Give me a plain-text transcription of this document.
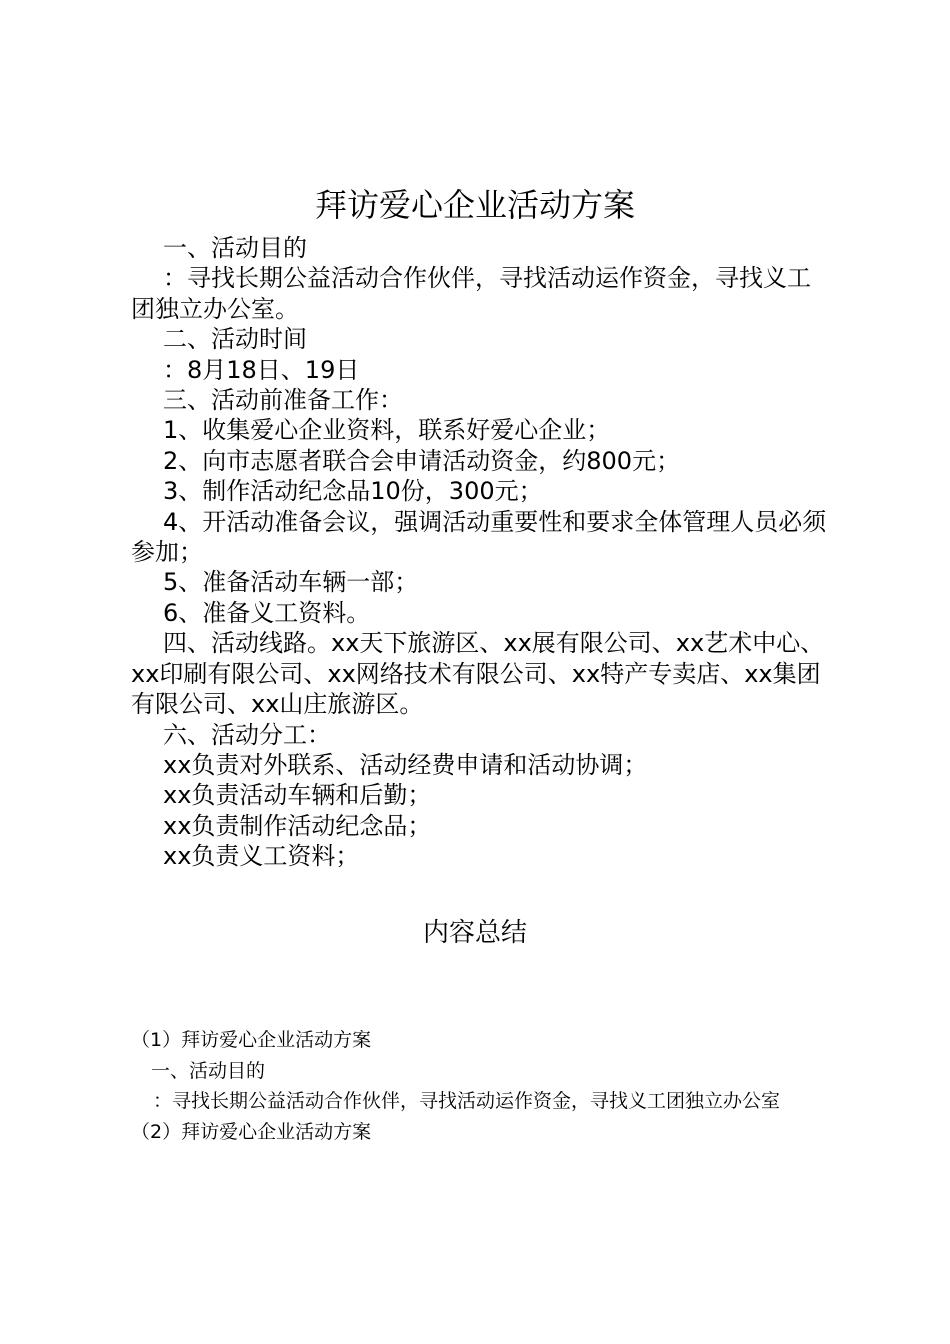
拜访爱心企业活动方案

一、活动目的

：寻找长期公益活动合作伙伴，寻找活动运作资金，寻找义工团独立办公室。

二、活动时间

：8月18日、19日

三、活动前准备工作：

1、收集爱心企业资料，联系好爱心企业；

2、向市志愿者联合会申请活动资金，约800元；

3、制作活动纪念品10份，300元；

4、开活动准备会议，强调活动重要性和要求全体管理人员必须参加；

5、准备活动车辆一部；

6、准备义工资料。

四、活动线路。xx天下旅游区、xx展有限公司、xx艺术中心、xx印刷有限公司、xx网络技术有限公司、xx特产专卖店、xx集团有限公司、xx山庄旅游区。

六、活动分工：

xx负责对外联系、活动经费申请和活动协调；

xx负责活动车辆和后勤；

xx负责制作活动纪念品；

xx负责义工资料；

内容总结

（1）拜访爱心企业活动方案

一、活动目的

：寻找长期公益活动合作伙伴，寻找活动运作资金，寻找义工团独立办公室

（2）拜访爱心企业活动方案
